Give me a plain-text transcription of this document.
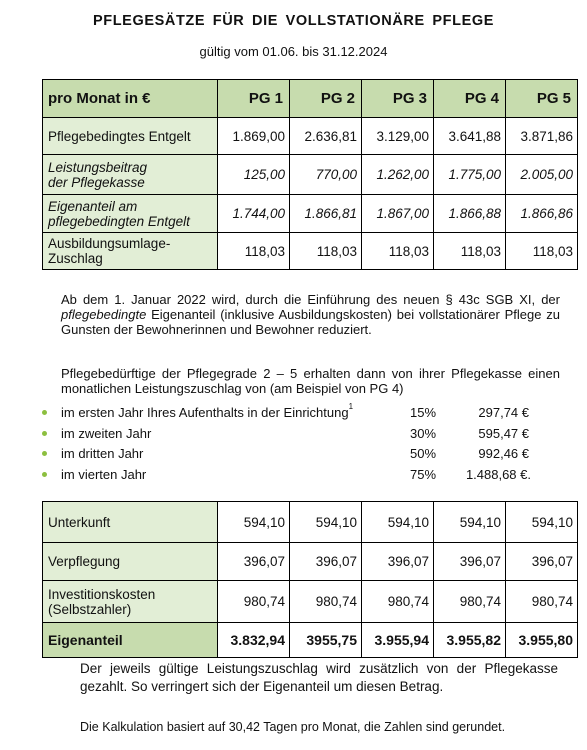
PFLEGESÄTZE FÜR DIE VOLLSTATIONÄRE PFLEGE
gültig vom 01.06. bis 31.12.2024
pro Monat in €	PG 1	PG 2	PG 3	PG 4	PG 5
Pflegebedingtes Entgelt	1.869,00	2.636,81	3.129,00	3.641,88	3.871,86
Leistungsbeitrag
der Pflegekasse	125,00	770,00	1.262,00	1.775,00	2.005,00
Eigenanteil am
pflegebedingten Entgelt	1.744,00	1.866,81	1.867,00	1.866,88	1.866,86
Ausbildungsumlage-
Zuschlag	118,03	118,03	118,03	118,03	118,03
Ab dem 1. Januar 2022 wird, durch die Einführung des neuen § 43c SGB XI, der pflegebedingte Eigenanteil (inklusive Ausbildungskosten) bei vollstationärer Pflege zu Gunsten der Bewohnerinnen und Bewohner reduziert.
Pflegebedürftige der Pflegegrade 2 – 5 erhalten dann von ihrer Pflegekasse einen monatlichen Leistungszuschlag von (am Beispiel von PG 4)
im ersten Jahr Ihres Aufenthalts in der Einrichtung$^1$	15%	297,74 €
im zweiten Jahr	30%	595,47 €
im dritten Jahr	50%	992,46 €
im vierten Jahr	75%	1.488,68 €.
Unterkunft	594,10	594,10	594,10	594,10	594,10
Verpflegung	396,07	396,07	396,07	396,07	396,07
Investitionskosten
(Selbstzahler)	980,74	980,74	980,74	980,74	980,74
Eigenanteil	3.832,94	3955,75	3.955,94	3.955,82	3.955,80
Der jeweils gültige Leistungszuschlag wird zusätzlich von der Pflegekasse gezahlt. So verringert sich der Eigenanteil um diesen Betrag.
Die Kalkulation basiert auf 30,42 Tagen pro Monat, die Zahlen sind gerundet.
